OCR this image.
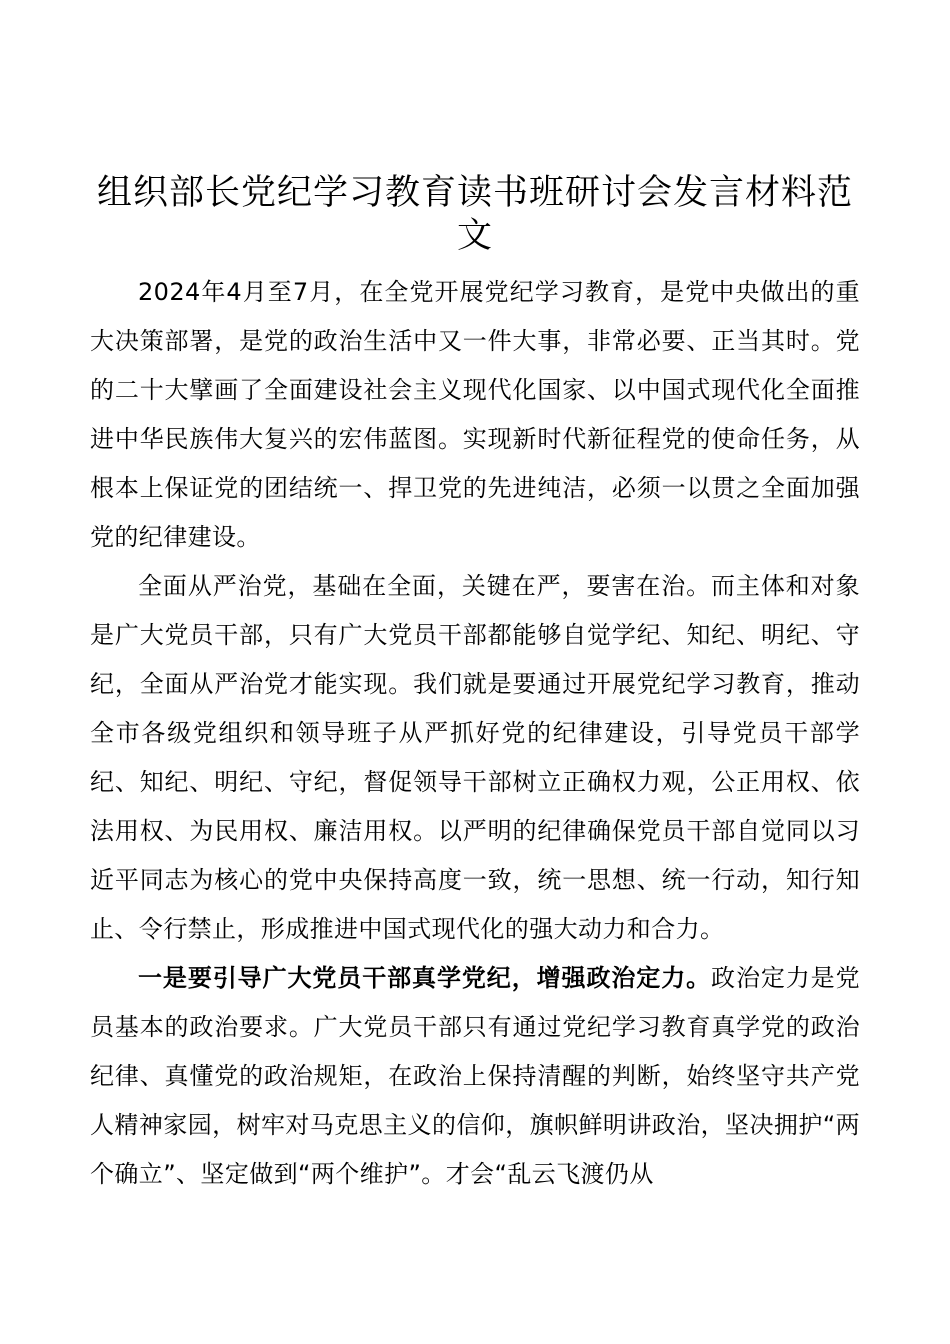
组织部长党纪学习教育读书班研讨会发言材料范文

2024年4月至7月，在全党开展党纪学习教育，是党中央做出的重大决策部署，是党的政治生活中又一件大事，非常必要、正当其时。党的二十大擘画了全面建设社会主义现代化国家、以中国式现代化全面推进中华民族伟大复兴的宏伟蓝图。实现新时代新征程党的使命任务，从根本上保证党的团结统一、捍卫党的先进纯洁，必须一以贯之全面加强党的纪律建设。

全面从严治党，基础在全面，关键在严，要害在治。而主体和对象是广大党员干部，只有广大党员干部都能够自觉学纪、知纪、明纪、守纪，全面从严治党才能实现。我们就是要通过开展党纪学习教育，推动全市各级党组织和领导班子从严抓好党的纪律建设，引导党员干部学纪、知纪、明纪、守纪，督促领导干部树立正确权力观，公正用权、依法用权、为民用权、廉洁用权。以严明的纪律确保党员干部自觉同以习近平同志为核心的党中央保持高度一致，统一思想、统一行动，知行知止、令行禁止，形成推进中国式现代化的强大动力和合力。

一是要引导广大党员干部真学党纪，增强政治定力。政治定力是党员基本的政治要求。广大党员干部只有通过党纪学习教育真学党的政治纪律、真懂党的政治规矩，在政治上保持清醒的判断，始终坚守共产党人精神家园，树牢对马克思主义的信仰，旗帜鲜明讲政治，坚决拥护“两个确立”、坚定做到“两个维护”。才会“乱云飞渡仍从
